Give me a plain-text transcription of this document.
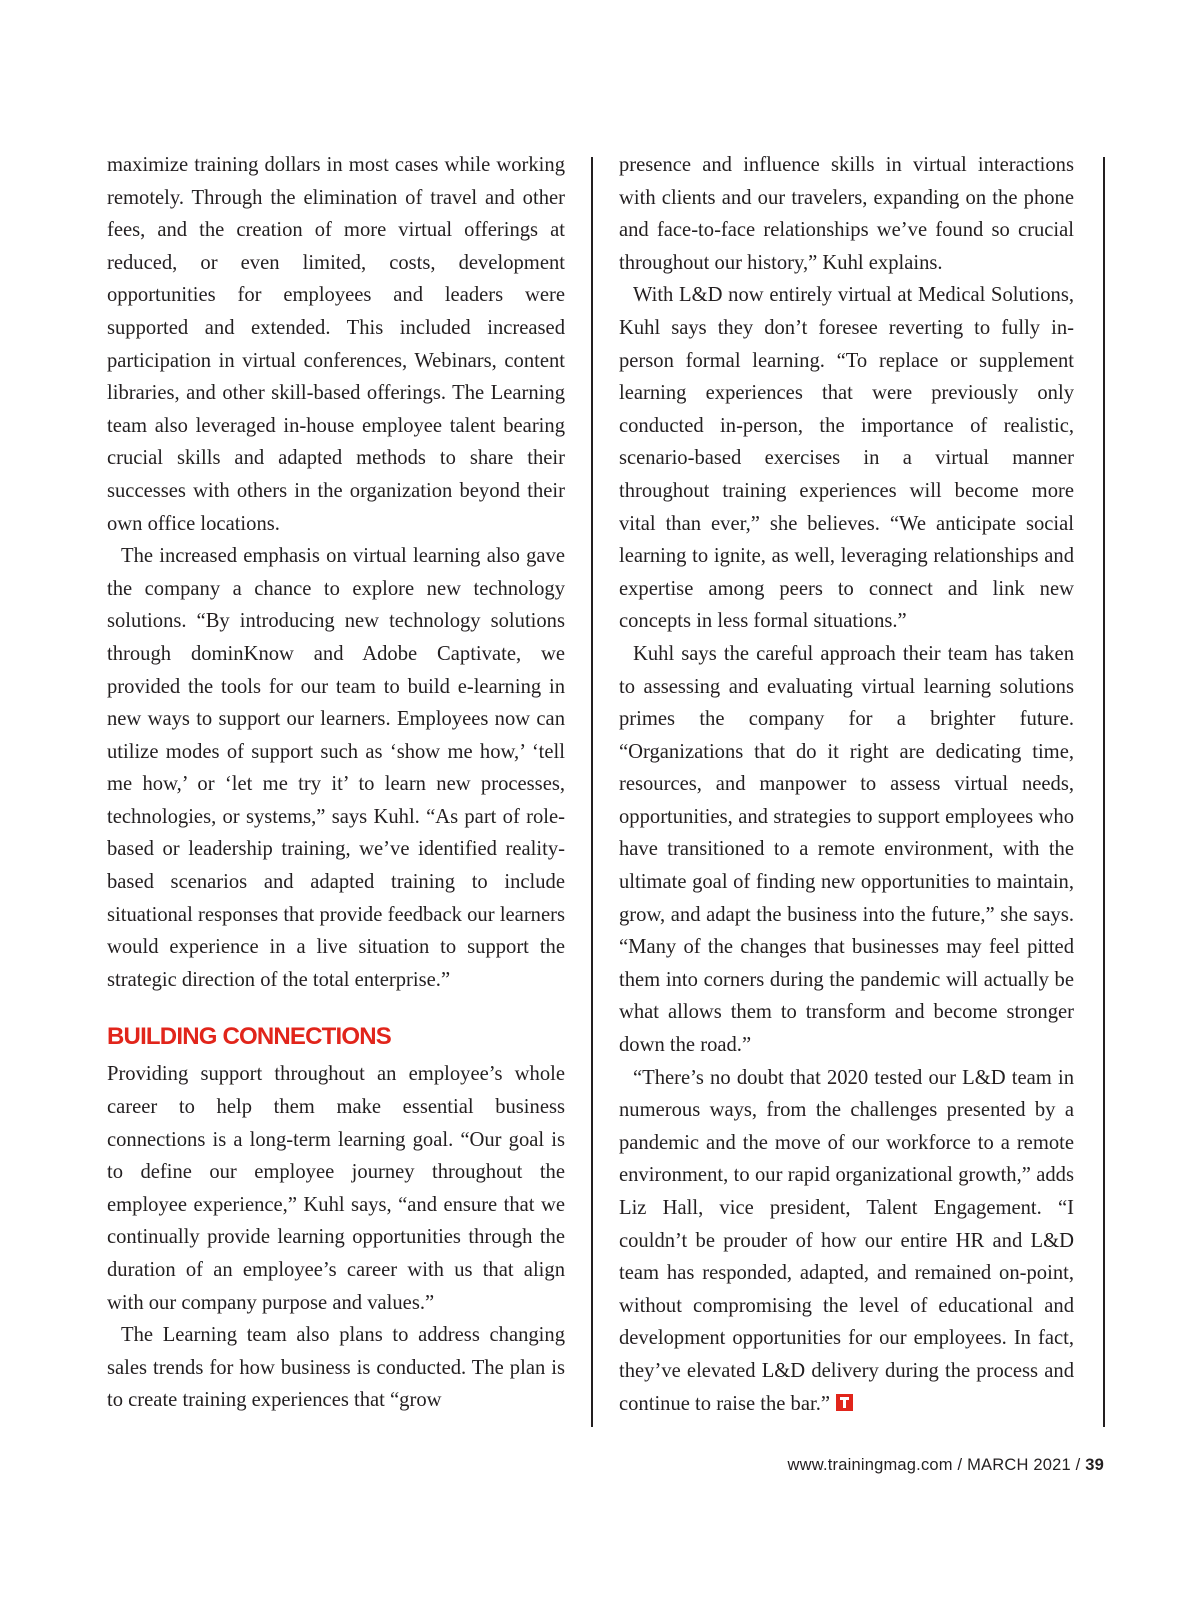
maximize training dollars in most cases while working remotely. Through the elimination of travel and other fees, and the creation of more virtual offerings at reduced, or even limited, costs, development opportunities for employees and leaders were supported and extended. This included increased participation in virtual conferences, Webinars, content libraries, and other skill-based offerings. The Learning team also leveraged in-house employee talent bearing crucial skills and adapted methods to share their successes with others in the organization beyond their own office locations.

The increased emphasis on virtual learning also gave the company a chance to explore new technology solutions. “By introducing new technology solutions through dominKnow and Adobe Captivate, we provided the tools for our team to build e-learning in new ways to support our learners. Employees now can utilize modes of support such as ‘show me how,’ ‘tell me how,’ or ‘let me try it’ to learn new processes, technologies, or systems,” says Kuhl. “As part of role-based or leadership training, we’ve identified reality-based scenarios and adapted training to include situational responses that provide feedback our learners would experience in a live situation to support the strategic direction of the total enterprise.”

BUILDING CONNECTIONS

Providing support throughout an employee’s whole career to help them make essential business connections is a long-term learning goal. “Our goal is to define our employee journey throughout the employee experience,” Kuhl says, “and ensure that we continually provide learning opportunities through the duration of an employee’s career with us that align with our company purpose and values.”

The Learning team also plans to address changing sales trends for how business is conducted. The plan is to create training experiences that “grow

presence and influence skills in virtual interactions with clients and our travelers, expanding on the phone and face-to-face relationships we’ve found so crucial throughout our history,” Kuhl explains.

With L&D now entirely virtual at Medical Solutions, Kuhl says they don’t foresee reverting to fully in-person formal learning. “To replace or supplement learning experiences that were previously only conducted in-person, the importance of realistic, scenario-based exercises in a virtual manner throughout training experiences will become more vital than ever,” she believes. “We anticipate social learning to ignite, as well, leveraging relationships and expertise among peers to connect and link new concepts in less formal situations.”

Kuhl says the careful approach their team has taken to assessing and evaluating virtual learning solutions primes the company for a brighter future. “Organizations that do it right are dedicating time, resources, and manpower to assess virtual needs, opportunities, and strategies to support employees who have transitioned to a remote environment, with the ultimate goal of finding new opportunities to maintain, grow, and adapt the business into the future,” she says. “Many of the changes that businesses may feel pitted them into corners during the pandemic will actually be what allows them to transform and become stronger down the road.”

“There’s no doubt that 2020 tested our L&D team in numerous ways, from the challenges presented by a pandemic and the move of our workforce to a remote environment, to our rapid organizational growth,” adds Liz Hall, vice president, Talent Engagement. “I couldn’t be prouder of how our entire HR and L&D team has responded, adapted, and remained on-point, without compromising the level of educational and development opportunities for our employees. In fact, they’ve elevated L&D delivery during the process and continue to raise the bar.”

www.trainingmag.com / MARCH 2021 / 39
